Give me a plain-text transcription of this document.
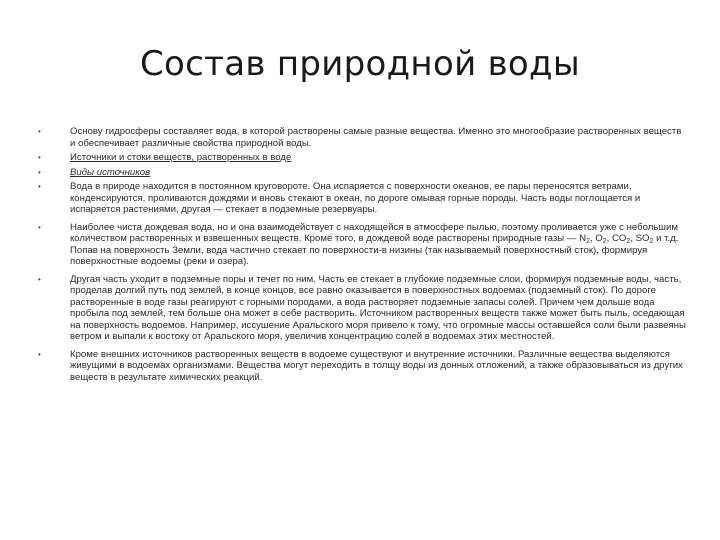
Состав природной воды
•	Основу гидросферы составляет вода, в которой растворены самые разные вещества. Именно это многообразие растворенных веществ и обеспечивает различные свойства природной воды.
•	Источники и стоки веществ, растворенных в воде
•	Виды источников
•	Вода в природе находится в постоянном круговороте. Она испаряется с поверхности океанов, ее пары переносятся ветрами, конденсируются, проливаются дождями и вновь стекают в океан, по дороге омывая горные породы. Часть воды поглощается и испаряется растениями, другая — стекает в подземные резервуары.
•	Наиболее чиста дождевая вода, но и она взаимодействует с находящейся в атмосфере пылью, поэтому проливается уже с небольшим количеством растворенных и взвешенных веществ. Кроме того, в дождевой воде растворены природные газы — $N_2$, $O_2$, $CO_2$, $SO_2$ и т.д. Попав на поверхность Земли, вода частично стекает по поверхности-в низины (так называемый поверхностный сток), формируя поверхностные водоемы (реки и озера).
•	Другая часть уходит в подземные поры и течет по ним. Часть ее стекает в глубокие подземные слои, формируя подземные воды, часть, проделав долгий путь под землей, в конце концов, все равно оказывается в поверхностных водоемах (подземный сток). По дороге растворенные в воде газы реагируют с горными породами, а вода растворяет подземные запасы солей. Причем чем дольше вода пробыла под землей, тем больше она может в себе растворить. Источником растворенных веществ также может быть пыль, оседающая на поверхность водоемов. Например, иссушение Аральского моря привело к тому, что огромные массы оставшейся соли были развеяны ветром и выпали к востоку от Аральского моря, увеличив концентрацию солей в водоемах этих местностей.
•	Кроме внешних источников растворенных веществ в водоеме существуют и внутренние источники. Различные вещества выделяются живущими в водоемах организмами. Вещества могут переходить в толщу воды из донных отложений, а также образовываться из других веществ в результате химических реакций.
